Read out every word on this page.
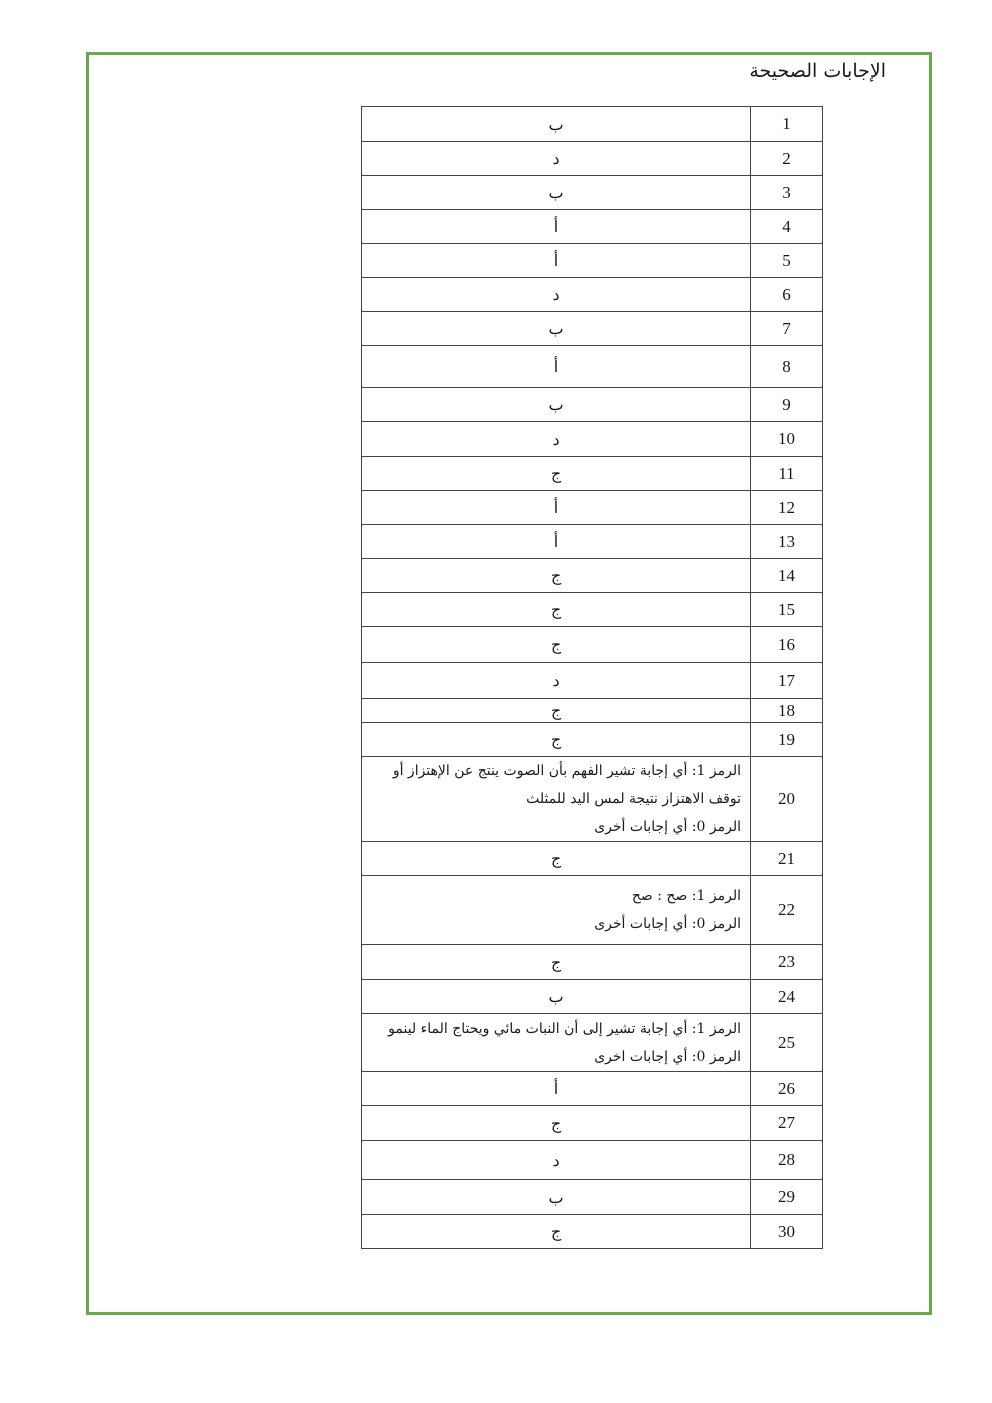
الإجابات الصحيحة
ب	1
د	2
ب	3
أ	4
أ	5
د	6
ب	7
أ	8
ب	9
د	10
ج	11
أ	12
أ	13
ج	14
ج	15
ج	16
د	17
ج	18
ج	19

الرمز 1: أي إجابة تشير الفهم بأن الصوت ينتج عن الإهتزاز أو
توقف الاهتزاز نتيجة لمس اليد للمثلث
الرمز 0: أي إجابات أخرى	20
ج	21

الرمز 1: صح : صح
الرمز 0: أي إجابات أخرى	22
ج	23
ب	24

الرمز 1: أي إجابة تشير إلى أن النبات مائي ويحتاج الماء لينمو
الرمز 0: أي إجابات اخرى	25
أ	26
ج	27
د	28
ب	29
ج	30
